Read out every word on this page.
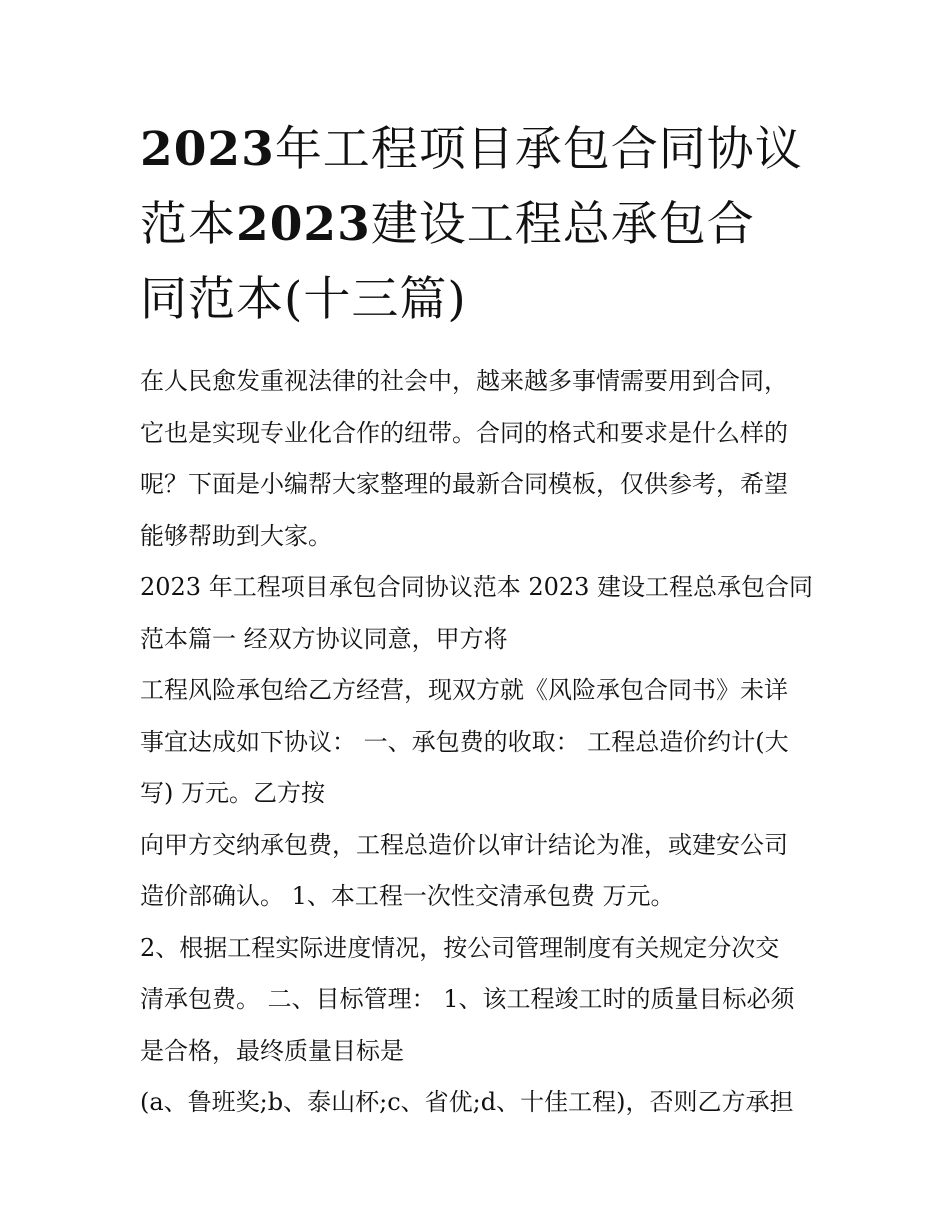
2023年工程项目承包合同协议
范本2023建设工程总承包合
同范本(十三篇)
在人民愈发重视法律的社会中，越来越多事情需要用到合同，
它也是实现专业化合作的纽带。合同的格式和要求是什么样的
呢？下面是小编帮大家整理的最新合同模板，仅供参考，希望
能够帮助到大家。
2023 年工程项目承包合同协议范本 2023 建设工程总承包合同
范本篇一 经双方协议同意，甲方将
工程风险承包给乙方经营，现双方就《风险承包合同书》未详
事宜达成如下协议： 一、承包费的收取： 工程总造价约计(大
写) 万元。乙方按
向甲方交纳承包费，工程总造价以审计结论为准，或建安公司
造价部确认。 1、本工程一次性交清承包费 万元。
2、根据工程实际进度情况，按公司管理制度有关规定分次交
清承包费。 二、目标管理： 1、该工程竣工时的质量目标必须
是合格，最终质量目标是
(a、鲁班奖;b、泰山杯;c、省优;d、十佳工程)，否则乙方承担
